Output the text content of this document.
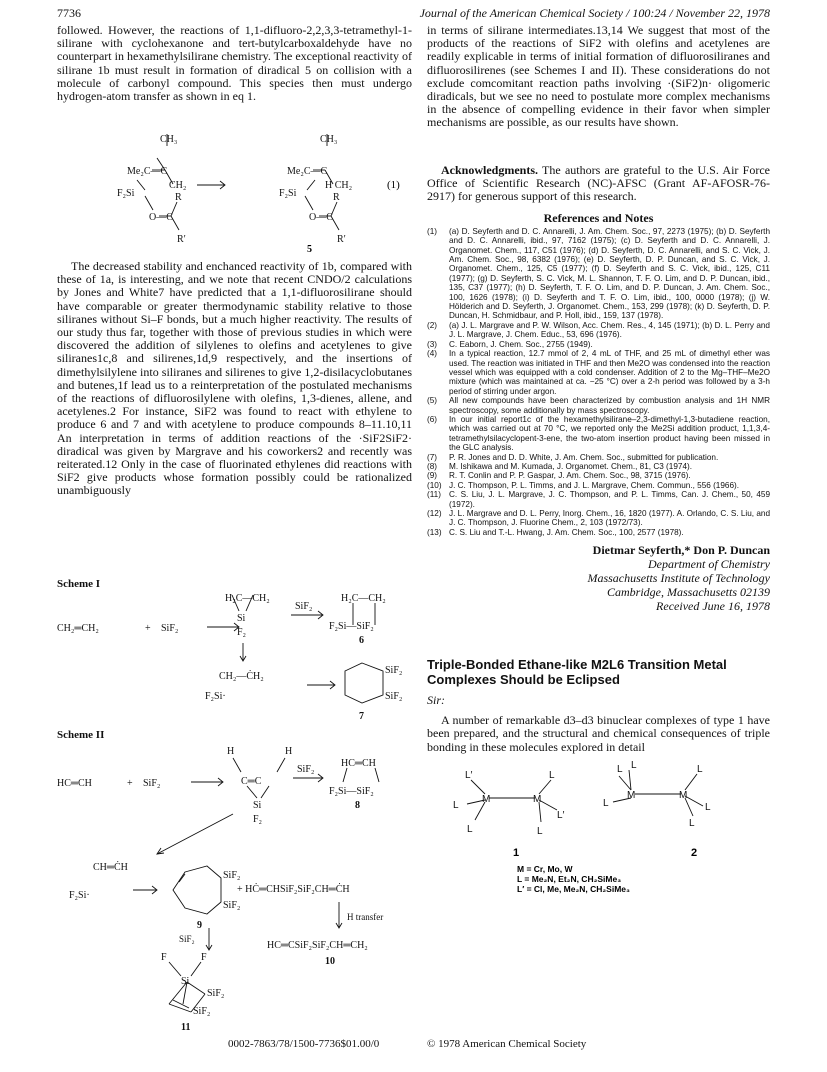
7736	Journal of the American Chemical Society / 100:24 / November 22, 1978

followed. However, the reactions of 1,1-difluoro-2,2,3,3-tetramethyl-1-silirane with cyclohexanone and tert-butylcarboxaldehyde have no counterpart in hexamethylsilirane chemistry. The exceptional reactivity of silirane 1b must result in formation of diradical 5 on collision with a molecule of carbonyl compound. This species then must undergo hydrogen-atom transfer as shown in eq 1.

CH₃
Me₂C—C
CH₂
F₂Si	R
O—C
R′
CH₃
Me₂C—C
H CH₂
F₂Si	R
O—C
R′
(1)
5

The decreased stability and enchanced reactivity of 1b, compared with these of 1a, is interesting, and we note that recent CNDO/2 calculations by Jones and White7 have predicted that a 1,1-difluorosilirane should have comparable or greater thermodynamic stability relative to those siliranes without Si–F bonds, but a much higher reactivity. The results of our study thus far, together with those of previous studies in which were discovered the addition of silylenes to olefins and acetylenes to give siliranes1c,8 and silirenes,1d,9 respectively, and the insertions of dimethylsilylene into siliranes and silirenes to give 1,2-disilacyclobutanes and butenes,1f lead us to a reinterpretation of the postulated mechanisms of the reactions of difluorosilylene with olefins, 1,3-dienes, allene, and acetylenes.2 For instance, SiF2 was found to react with ethylene to produce 6 and 7 and with acetylene to produce compounds 8–11.10,11 An interpretation in terms of addition reactions of the ·SiF2SiF2· diradical was given by Margrave and his coworkers2 and recently was reiterated.12 Only in the case of fluorinated ethylenes did reactions with SiF2 give products whose formation possibly could be rationalized unambiguously

Scheme I

CH₂═CH₂	+ SiF₂
H₂C—CH₂
Si
F₂
SiF₂
H₂C—CH₂
F₂Si—SiF₂
6
CH₂—ĊH₂
F₂Si·
SiF₂
SiF₂
7

Scheme II

HC═CH	+ SiF₂
H	H
C═C
Si
F₂
SiF₂
HC═CH
F₂Si—SiF₂
8
CH═ĊH
F₂Si·
SiF₂
SiF₂
9
+ HĊ═CHSiF₂SiF₂CH═ĊH
H transfer
SiF₂
HC═CSiF₂SiF₂CH═CH₂
10
F	F
Si
SiF₂
SiF₂
11

in terms of silirane intermediates.13,14 We suggest that most of the products of the reactions of SiF2 with olefins and acetylenes are readily explicable in terms of initial formation of difluorosiliranes and difluorosilirenes (see Schemes I and II). These considerations do not exclude comcomitant reaction paths involving ·(SiF2)n· oligomeric diradicals, but we see no need to postulate more complex mechanisms in the absence of compelling evidence in their favor when simpler mechanisms are possible, as our results have shown.

Acknowledgments. The authors are grateful to the U.S. Air Force Office of Scientific Research (NC)-AFSC (Grant AF-AFOSR-76-2917) for generous support of this research.

References and Notes

(1) (a) D. Seyferth and D. C. Annarelli, J. Am. Chem. Soc., 97, 2273 (1975); (b) D. Seyferth and D. C. Annarelli, ibid., 97, 7162 (1975); (c) D. Seyferth and D. C. Annarelli, J. Organomet. Chem., 117, C51 (1976); (d) D. Seyferth, D. C. Annarelli, and S. C. Vick, J. Am. Chem. Soc., 98, 6382 (1976); (e) D. Seyferth, D. P. Duncan, and S. C. Vick, J. Organomet. Chem., 125, C5 (1977); (f) D. Seyferth and S. C. Vick, ibid., 125, C11 (1977); (g) D. Seyferth, S. C. Vick, M. L. Shannon, T. F. O. Lim, and D. P. Duncan, ibid., 135, C37 (1977); (h) D. Seyferth, T. F. O. Lim, and D. P. Duncan, J. Am. Chem. Soc., 100, 1626 (1978); (i) D. Seyferth and T. F. O. Lim, ibid., 100, 0000 (1978); (j) W. Hölderich and D. Seyferth, J. Organomet. Chem., 153, 299 (1978); (k) D. Seyferth, D. P. Duncan, H. Schmidbaur, and P. Holl, ibid., 159, 137 (1978).
(2) (a) J. L. Margrave and P. W. Wilson, Acc. Chem. Res., 4, 145 (1971); (b) D. L. Perry and J. L. Margrave, J. Chem. Educ., 53, 696 (1976).
(3) C. Eaborn, J. Chem. Soc., 2755 (1949).
(4) In a typical reaction, 12.7 mmol of 2, 4 mL of THF, and 25 mL of dimethyl ether was used. The reaction was initiated in THF and then Me2O was condensed into the reaction vessel which was equipped with a cold condenser. Addition of 2 to the Mg–THF–Me2O mixture (which was maintained at ca. −25 °C) over a 2-h period was followed by a 3-h period of stirring under argon.
(5) All new compounds have been characterized by combustion analysis and 1H NMR spectroscopy, some additionally by mass spectroscopy.
(6) In our initial report1c of the hexamethylsilirane–2,3-dimethyl-1,3-butadiene reaction, which was carried out at 70 °C, we reported only the Me2Si addition product, 1,1,3,4-tetramethylsilacyclopent-3-ene, the two-atom insertion product having been missed in the GLC analysis.
(7) P. R. Jones and D. D. White, J. Am. Chem. Soc., submitted for publication.
(8) M. Ishikawa and M. Kumada, J. Organomet. Chem., 81, C3 (1974).
(9) R. T. Conlin and P. P. Gaspar, J. Am. Chem. Soc., 98, 3715 (1976).
(10) J. C. Thompson, P. L. Timms, and J. L. Margrave, Chem. Commun., 556 (1966).
(11) C. S. Liu, J. L. Margrave, J. C. Thompson, and P. L. Timms, Can. J. Chem., 50, 459 (1972).
(12) J. L. Margrave and D. L. Perry, Inorg. Chem., 16, 1820 (1977). A. Orlando, C. S. Liu, and J. C. Thompson, J. Fluorine Chem., 2, 103 (1972/73).
(13) C. S. Liu and T.-L. Hwang, J. Am. Chem. Soc., 100, 2577 (1978).
Dietmar Seyferth,* Don P. Duncan
Department of Chemistry
Massachusetts Institute of Technology
Cambridge, Massachusetts 02139
Received June 16, 1978
Triple-Bonded Ethane-like M2L6 Transition Metal Complexes Should be Eclipsed
Sir:

A number of remarkable d3–d3 binuclear complexes of type 1 have been prepared, and the structural and chemical consequences of triple bonding in these molecules explored in detail

L′
L
L
M	M
L
L′
L
L L
L
M	M
L
L
L
1	2
M = Cr, Mo, W
L = Me₂N, Et₂N, CH₂SiMe₃
L′ = Cl, Me, Me₂N, CH₂SiMe₃
0002-7863/78/1500-7736$01.00/0	© 1978 American Chemical Society
